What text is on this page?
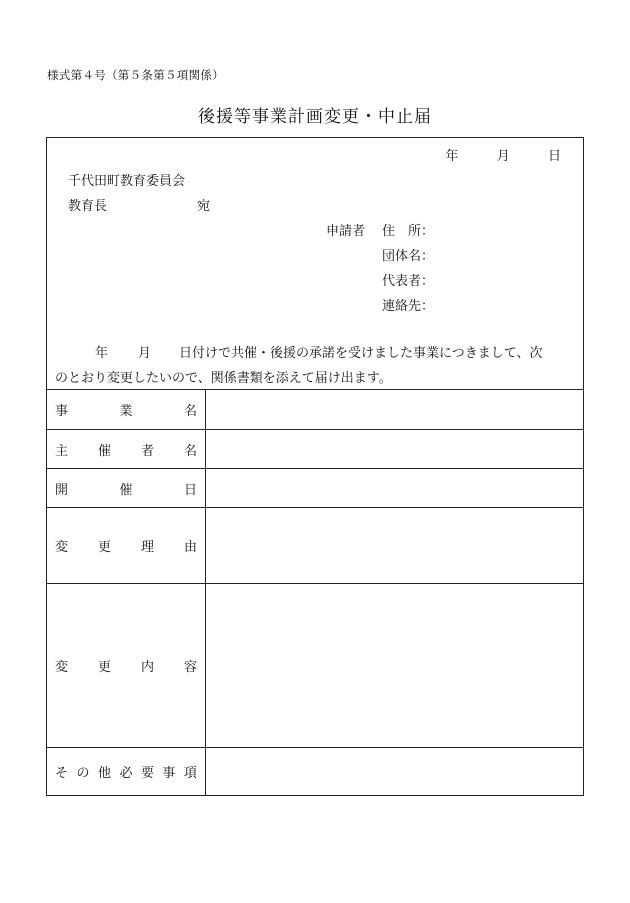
様式第４号（第５条第５項関係）
後援等事業計画変更・中止届
年	月	日
千代田町教育委員会
教育長	宛
申請者 住　所：
団体名：
代表者：
連絡先：
年 月 日付けで共催・後援の承諾を受けました事業につきまして、次
のとおり変更したいので、関係書類を添えて届け出ます。
事	業	名
主 催 者 名
開	催	日
変 更 理 由
変 更 内 容
そ の 他 必 要 事 項
